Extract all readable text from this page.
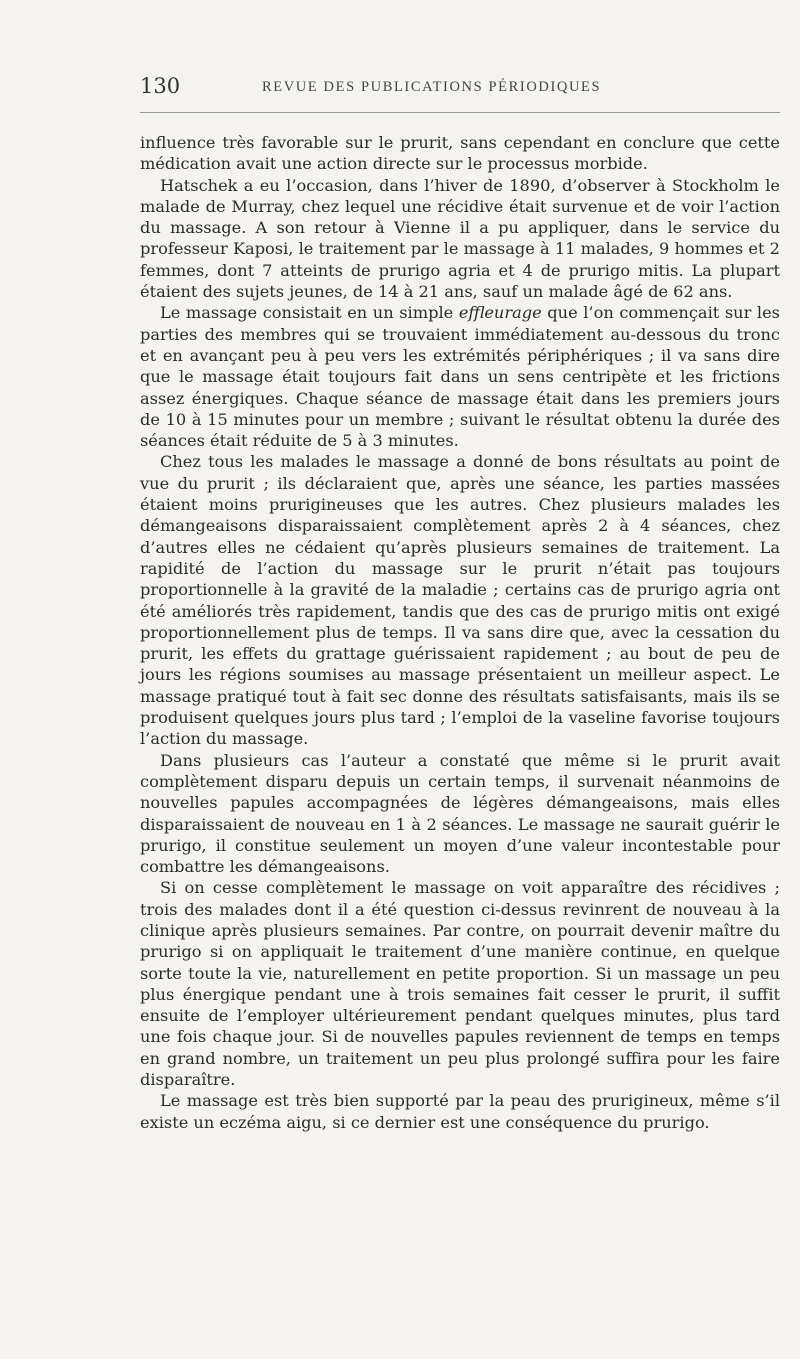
130	REVUE DES PUBLICATIONS PÉRIODIQUES

influence très favorable sur le prurit, sans cependant en conclure que cette médication avait une action directe sur le processus morbide.

Hatschek a eu l’occasion, dans l’hiver de 1890, d’observer à Stockholm le malade de Murray, chez lequel une récidive était survenue et de voir l’action du massage. A son retour à Vienne il a pu appliquer, dans le service du professeur Kaposi, le traitement par le massage à 11 malades, 9 hommes et 2 femmes, dont 7 atteints de prurigo agria et 4 de prurigo mitis. La plupart étaient des sujets jeunes, de 14 à 21 ans, sauf un malade âgé de 62 ans.

Le massage consistait en un simple effleurage que l’on commençait sur les parties des membres qui se trouvaient immédiatement au-dessous du tronc et en avançant peu à peu vers les extrémités périphériques ; il va sans dire que le massage était toujours fait dans un sens centripète et les frictions assez énergiques. Chaque séance de massage était dans les premiers jours de 10 à 15 minutes pour un membre ; suivant le résultat obtenu la durée des séances était réduite de 5 à 3 minutes.

Chez tous les malades le massage a donné de bons résultats au point de vue du prurit ; ils déclaraient que, après une séance, les parties massées étaient moins prurigineuses que les autres. Chez plusieurs malades les démangeaisons disparaissaient complètement après 2 à 4 séances, chez d’autres elles ne cédaient qu’après plusieurs semaines de traitement. La rapidité de l’action du massage sur le prurit n’était pas toujours proportionnelle à la gravité de la maladie ; certains cas de prurigo agria ont été améliorés très rapidement, tandis que des cas de prurigo mitis ont exigé proportionnellement plus de temps. Il va sans dire que, avec la cessation du prurit, les effets du grattage guérissaient rapidement ; au bout de peu de jours les régions soumises au massage présentaient un meilleur aspect. Le massage pratiqué tout à fait sec donne des résultats satisfaisants, mais ils se produisent quelques jours plus tard ; l’emploi de la vaseline favorise toujours l’action du massage.

Dans plusieurs cas l’auteur a constaté que même si le prurit avait complètement disparu depuis un certain temps, il survenait néanmoins de nouvelles papules accompagnées de légères démangeaisons, mais elles disparaissaient de nouveau en 1 à 2 séances. Le massage ne saurait guérir le prurigo, il constitue seulement un moyen d’une valeur incontestable pour combattre les démangeaisons.

Si on cesse complètement le massage on voit apparaître des récidives ; trois des malades dont il a été question ci-dessus revinrent de nouveau à la clinique après plusieurs semaines. Par contre, on pourrait devenir maître du prurigo si on appliquait le traitement d’une manière continue, en quelque sorte toute la vie, naturellement en petite proportion. Si un massage un peu plus énergique pendant une à trois semaines fait cesser le prurit, il suffit ensuite de l’employer ultérieurement pendant quelques minutes, plus tard une fois chaque jour. Si de nouvelles papules reviennent de temps en temps en grand nombre, un traitement un peu plus prolongé suffira pour les faire disparaître.

Le massage est très bien supporté par la peau des prurigineux, même s’il existe un eczéma aigu, si ce dernier est une conséquence du prurigo.
